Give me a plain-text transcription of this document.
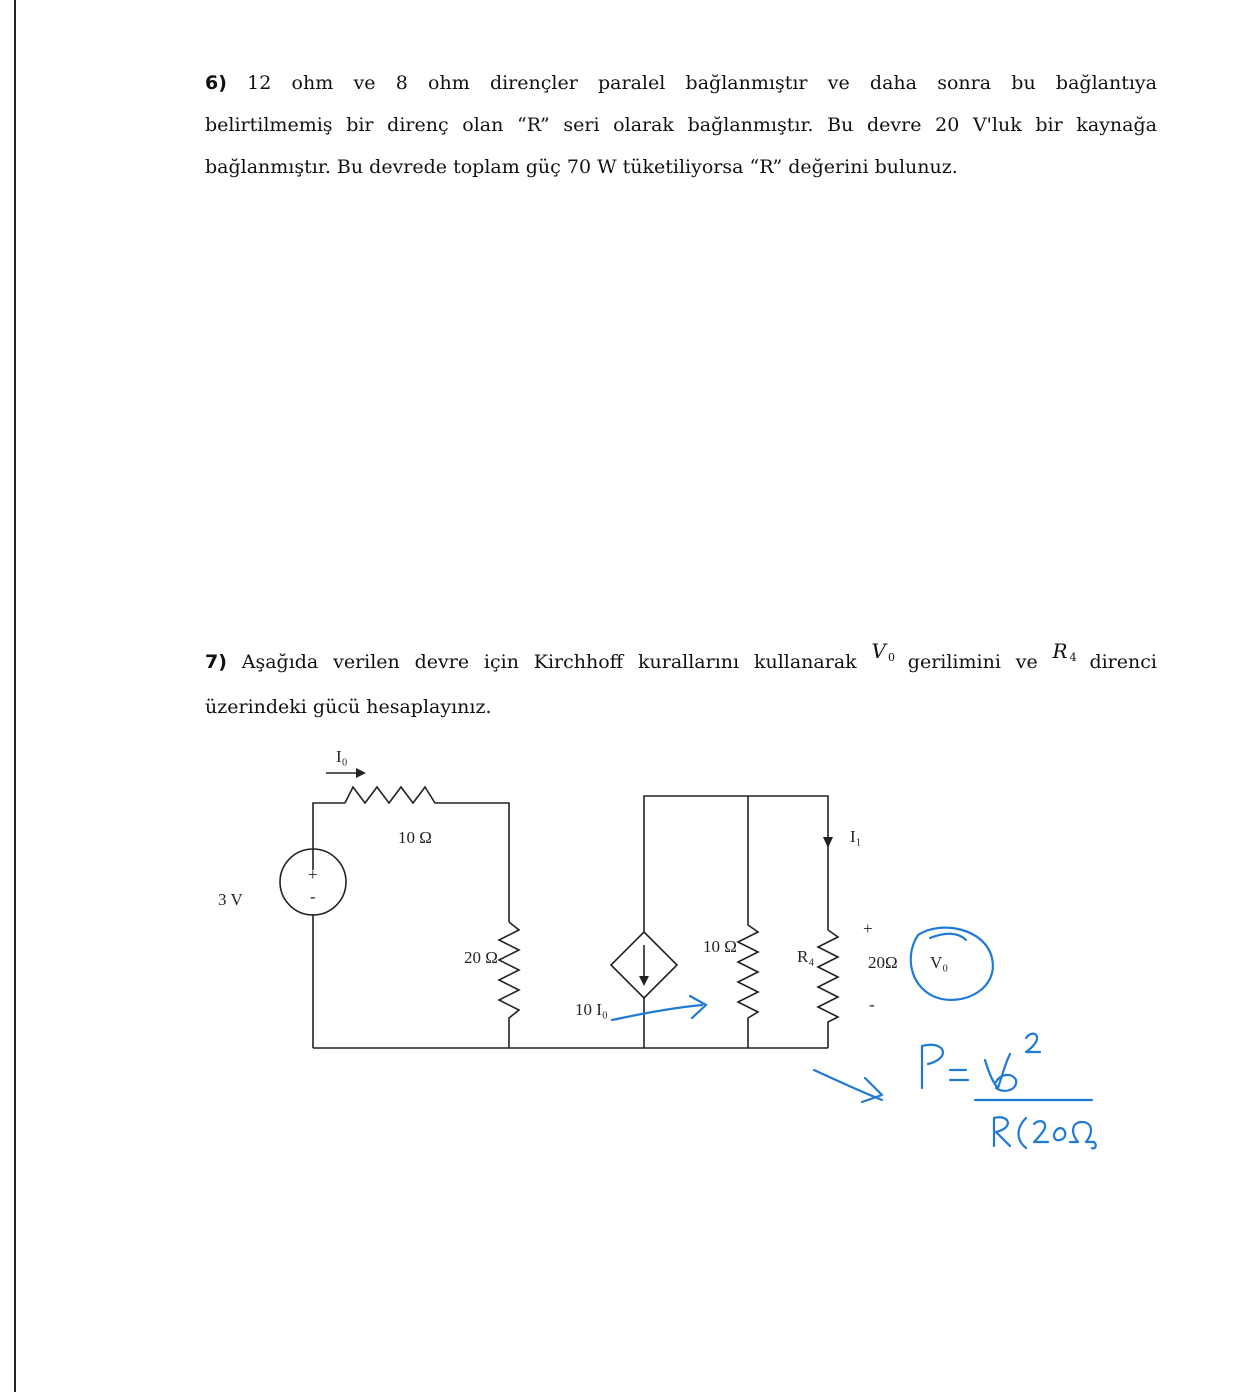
6) 12 ohm ve 8 ohm dirençler paralel bağlanmıştır ve daha sonra bu bağlantıya
belirtilmemiş bir direnç olan “R” seri olarak bağlanmıştır. Bu devre 20 V'luk bir kaynağa
bağlanmıştır. Bu devrede toplam güç 70 W tüketiliyorsa “R” değerini bulunuz.
7) Aşağıda verilen devre için Kirchhoff kurallarını kullanarak V 0 gerilimini ve R 4 direnci
üzerindeki gücü hesaplayınız.
I₀
10 Ω
3 V
+
-
20 Ω
10 I₀
10 Ω
R₄
I₁
+
20Ω V₀
-
